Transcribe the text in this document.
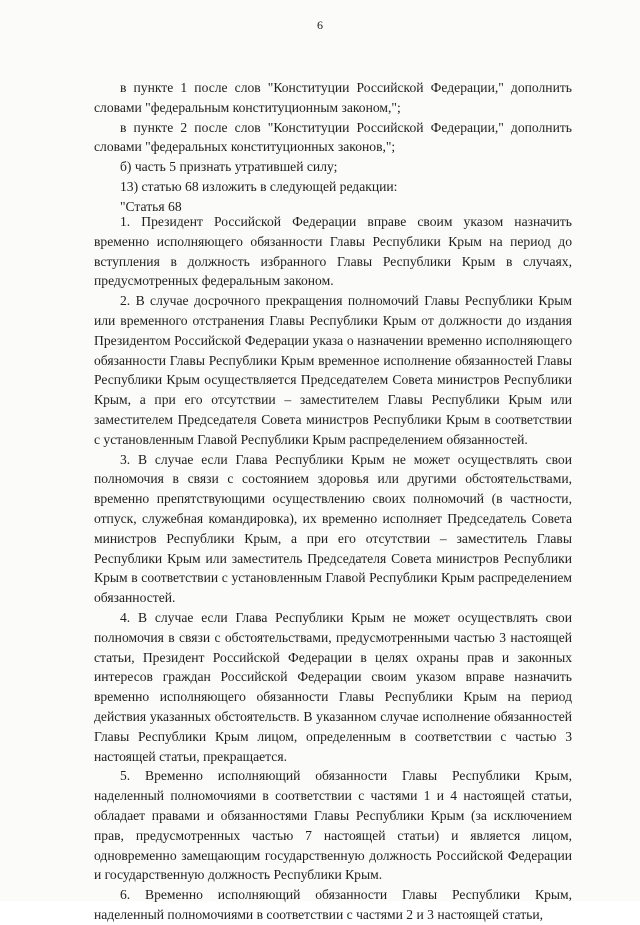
6

в пункте 1 после слов "Конституции Российской Федерации," дополнить словами "федеральным конституционным законом,";

в пункте 2 после слов "Конституции Российской Федерации," дополнить словами "федеральных конституционных законов,";

б) часть 5 признать утратившей силу;

13) статью 68 изложить в следующей редакции:

"Статья 68

1. Президент Российской Федерации вправе своим указом назначить временно исполняющего обязанности Главы Республики Крым на период до вступления в должность избранного Главы Республики Крым в случаях, предусмотренных федеральным законом.

2. В случае досрочного прекращения полномочий Главы Республики Крым или временного отстранения Главы Республики Крым от должности до издания Президентом Российской Федерации указа о назначении временно исполняющего обязанности Главы Республики Крым временное исполнение обязанностей Главы Республики Крым осуществляется Председателем Совета министров Республики Крым, а при его отсутствии – заместителем Главы Республики Крым или заместителем Председателя Совета министров Республики Крым в соответствии с установленным Главой Республики Крым распределением обязанностей.

3. В случае если Глава Республики Крым не может осуществлять свои полномочия в связи с состоянием здоровья или другими обстоятельствами, временно препятствующими осуществлению своих полномочий (в частности, отпуск, служебная командировка), их временно исполняет Председатель Совета министров Республики Крым, а при его отсутствии – заместитель Главы Республики Крым или заместитель Председателя Совета министров Республики Крым в соответствии с установленным Главой Республики Крым распределением обязанностей.

4. В случае если Глава Республики Крым не может осуществлять свои полномочия в связи с обстоятельствами, предусмотренными частью 3 настоящей статьи, Президент Российской Федерации в целях охраны прав и законных интересов граждан Российской Федерации своим указом вправе назначить временно исполняющего обязанности Главы Республики Крым на период действия указанных обстоятельств. В указанном случае исполнение обязанностей Главы Республики Крым лицом, определенным в соответствии с частью 3 настоящей статьи, прекращается.

5. Временно исполняющий обязанности Главы Республики Крым, наделенный полномочиями в соответствии с частями 1 и 4 настоящей статьи, обладает правами и обязанностями Главы Республики Крым (за исключением прав, предусмотренных частью 7 настоящей статьи) и является лицом, одновременно замещающим государственную должность Российской Федерации и государственную должность Республики Крым.

6. Временно исполняющий обязанности Главы Республики Крым, наделенный полномочиями в соответствии с частями 2 и 3 настоящей статьи,
